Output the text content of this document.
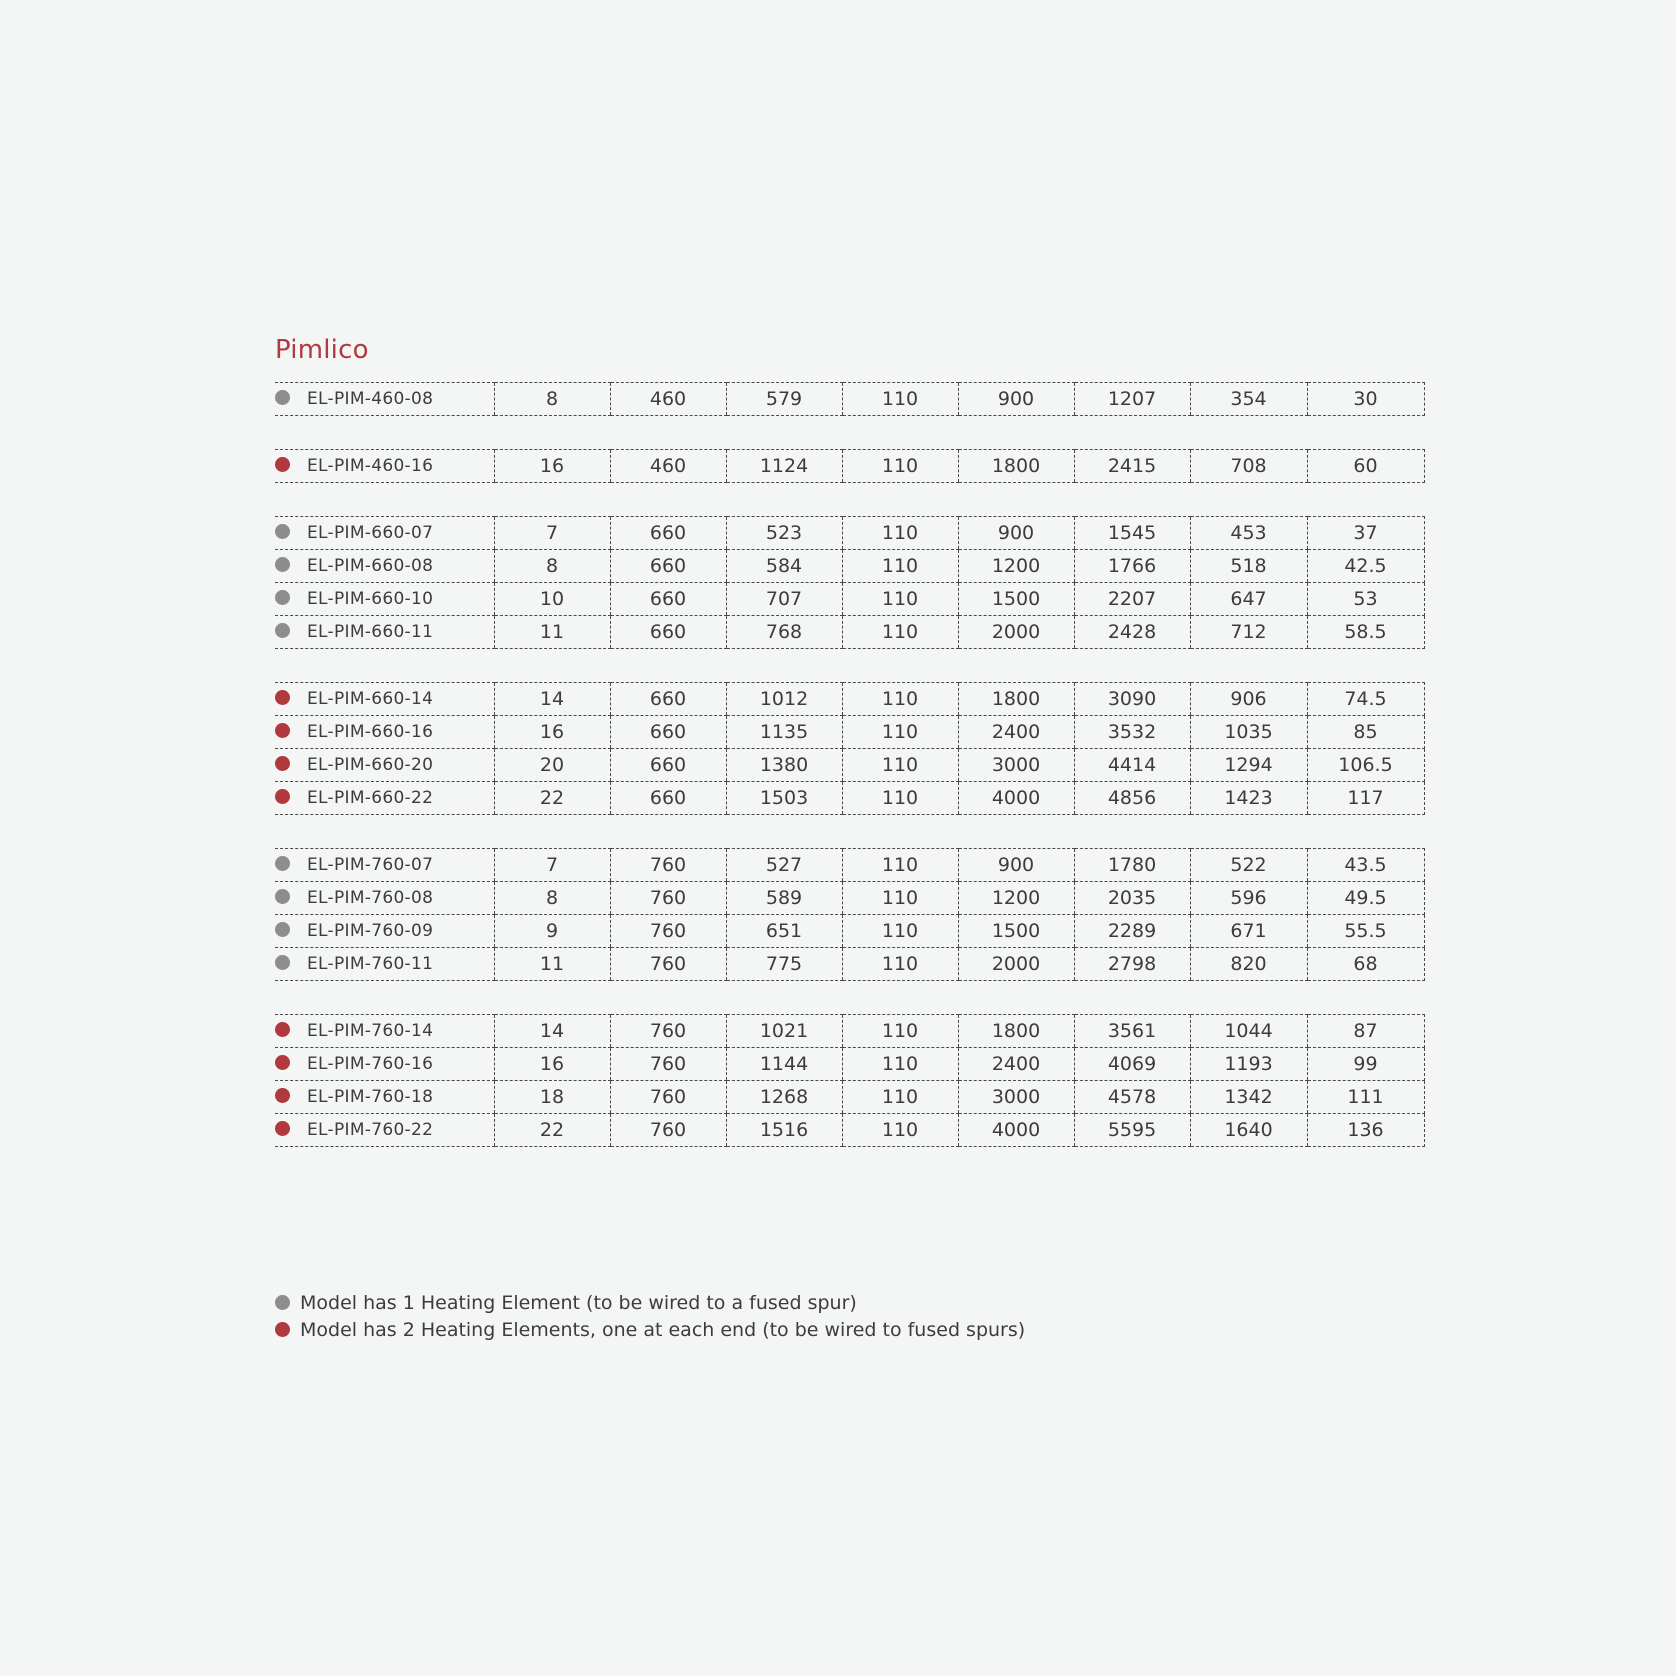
Pimlico
EL-PIM-460-08	8	460	579	110	900	1207	354	30
EL-PIM-460-16	16	460	1124	110	1800	2415	708	60
EL-PIM-660-07	7	660	523	110	900	1545	453	37
EL-PIM-660-08	8	660	584	110	1200	1766	518	42.5
EL-PIM-660-10	10	660	707	110	1500	2207	647	53
EL-PIM-660-11	11	660	768	110	2000	2428	712	58.5
EL-PIM-660-14	14	660	1012	110	1800	3090	906	74.5
EL-PIM-660-16	16	660	1135	110	2400	3532	1035	85
EL-PIM-660-20	20	660	1380	110	3000	4414	1294	106.5
EL-PIM-660-22	22	660	1503	110	4000	4856	1423	117
EL-PIM-760-07	7	760	527	110	900	1780	522	43.5
EL-PIM-760-08	8	760	589	110	1200	2035	596	49.5
EL-PIM-760-09	9	760	651	110	1500	2289	671	55.5
EL-PIM-760-11	11	760	775	110	2000	2798	820	68
EL-PIM-760-14	14	760	1021	110	1800	3561	1044	87
EL-PIM-760-16	16	760	1144	110	2400	4069	1193	99
EL-PIM-760-18	18	760	1268	110	3000	4578	1342	111
EL-PIM-760-22	22	760	1516	110	4000	5595	1640	136
Model has 1 Heating Element (to be wired to a fused spur)
Model has 2 Heating Elements, one at each end (to be wired to fused spurs)
